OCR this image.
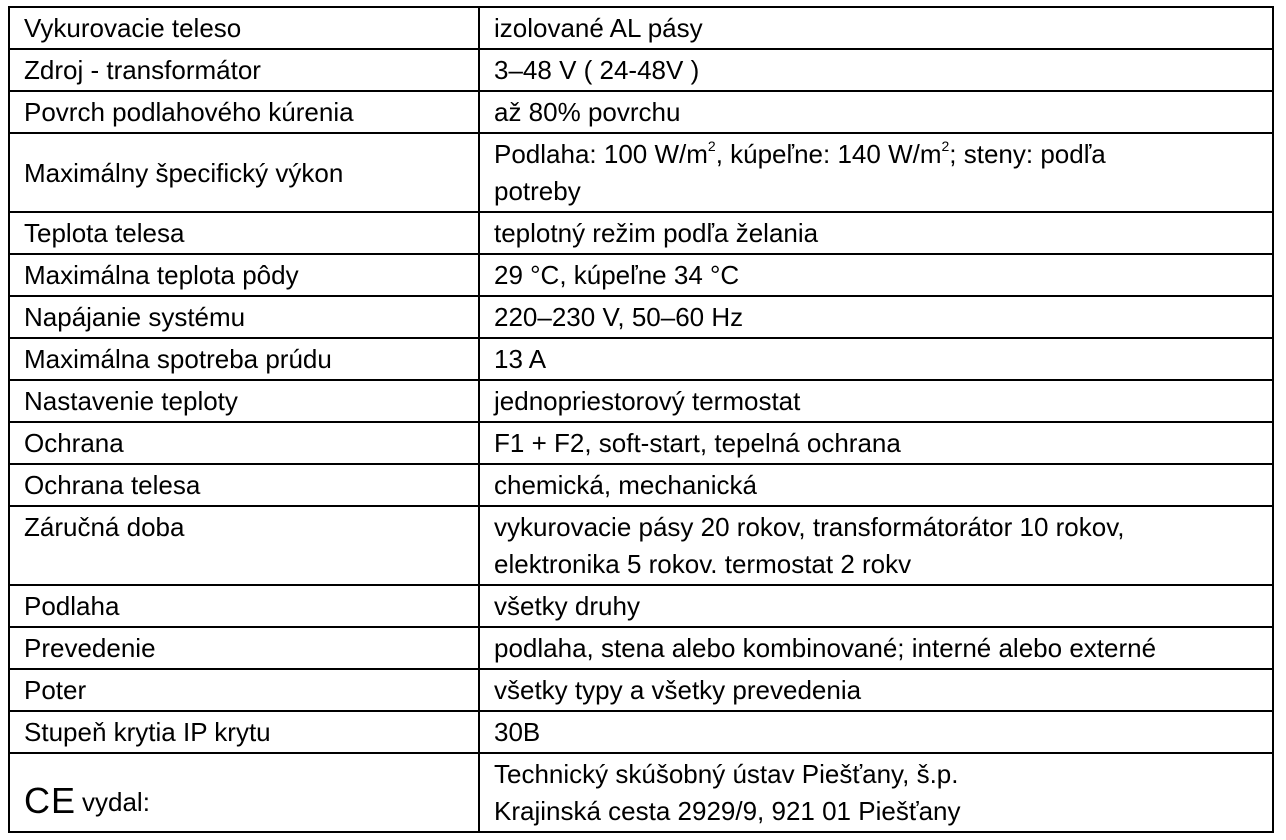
Vykurovacie teleso	izolované AL pásy
Zdroj - transformátor	3–48 V ( 24-48V )
Povrch podlahového kúrenia	až 80% povrchu
Maximálny špecifický výkon	Podlaha: 100 $W/m^2$, kúpeľne: 140 $W/m^2$; steny: podľa
potreby

Teplota telesa	teplotný režim podľa želania
Maximálna teplota pôdy	29 °C, kúpeľne 34 °C
Napájanie systému	220–230 V, 50–60 Hz
Maximálna spotreba prúdu	13 A
Nastavenie teploty	jednopriestorový termostat
Ochrana	F1 + F2, soft-start, tepelná ochrana
Ochrana telesa	chemická, mechanická
Záručná doba	vykurovacie pásy 20 rokov, transformátorátor 10 rokov,
elektronika 5 rokov. termostat 2 rokv

Podlaha	všetky druhy
Prevedenie	podlaha, stena alebo kombinované; interné alebo externé
Poter	všetky typy a všetky prevedenia
Stupeň krytia IP krytu	30B
CE vydal:	Technický skúšobný ústav Piešťany, š.p.
Krajinská cesta 2929/9, 921 01 Piešťany
